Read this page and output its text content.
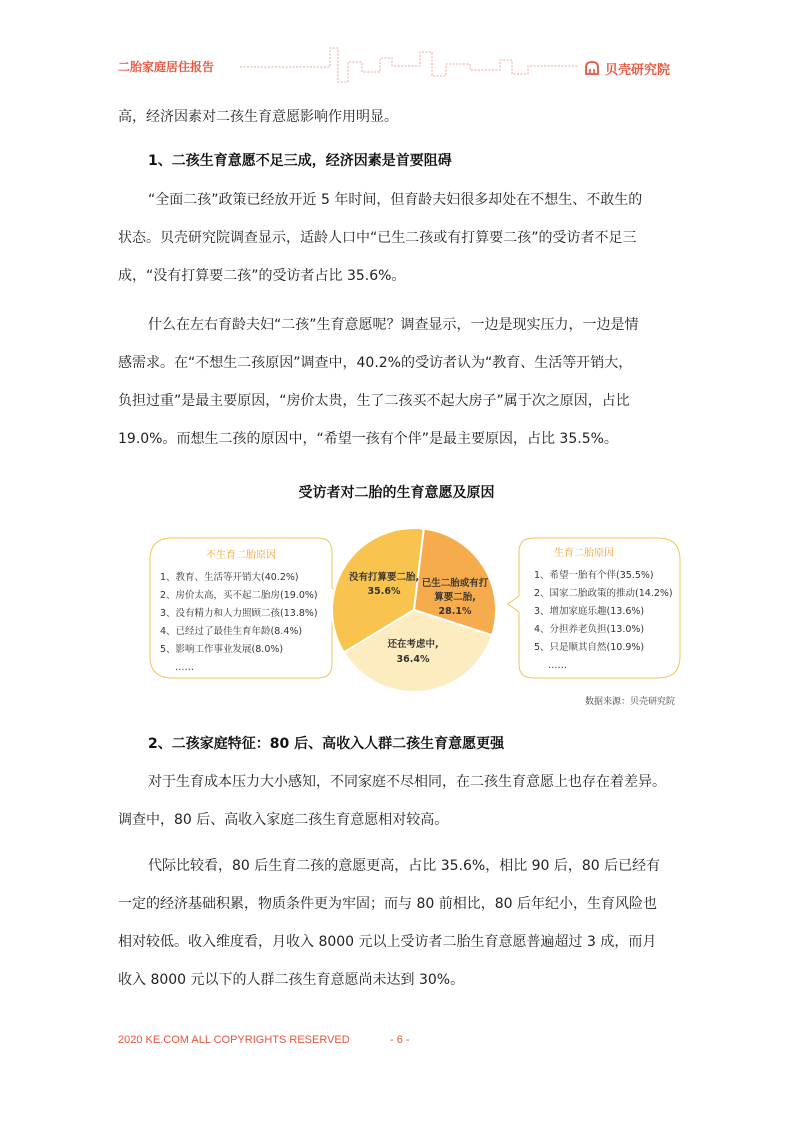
二胎家庭居住报告	贝壳研究院
高，经济因素对二孩生育意愿影响作用明显。
1、二孩生育意愿不足三成，经济因素是首要阻碍
“全面二孩”政策已经放开近 5 年时间，但育龄夫妇很多却处在不想生、不敢生的
状态。贝壳研究院调查显示，适龄人口中“已生二孩或有打算要二孩”的受访者不足三
成，“没有打算要二孩”的受访者占比 35.6%。
什么在左右育龄夫妇“二孩”生育意愿呢？调查显示，一边是现实压力，一边是情
感需求。在“不想生二孩原因”调查中，40.2%的受访者认为“教育、生活等开销大，
负担过重”是最主要原因，“房价太贵，生了二孩买不起大房子”属于次之原因，占比
19.0%。而想生二孩的原因中，“希望一孩有个伴”是最主要原因，占比 35.5%。
受访者对二胎的生育意愿及原因
不生育二胎原因
1、教育、生活等开销大(40.2%)
2、房价太高，买不起二胎房(19.0%)
3、没有精力和人力照顾二孩(13.8%)
4、已经过了最佳生育年龄(8.4%)
5、影响工作事业发展(8.0%)
……
生育二胎原因
1、希望一胎有个伴(35.5%)
2、国家二胎政策的推动(14.2%)
3、增加家庭乐趣(13.6%)
4、分担养老负担(13.0%)
5、只是顺其自然(10.9%)
……
没有打算要二胎,
35.6%
已生二胎或有打
算要二胎,
28.1%
还在考虑中,
36.4%
数据来源：贝壳研究院
2、二孩家庭特征：80 后、高收入人群二孩生育意愿更强
对于生育成本压力大小感知，不同家庭不尽相同，在二孩生育意愿上也存在着差异。
调查中，80 后、高收入家庭二孩生育意愿相对较高。
代际比较看，80 后生育二孩的意愿更高，占比 35.6%，相比 90 后，80 后已经有
一定的经济基础积累，物质条件更为牢固；而与 80 前相比，80 后年纪小，生育风险也
相对较低。收入维度看，月收入 8000 元以上受访者二胎生育意愿普遍超过 3 成，而月
收入 8000 元以下的人群二孩生育意愿尚未达到 30%。
2020 KE.COM ALL COPYRIGHTS RESERVED	- 6 -
